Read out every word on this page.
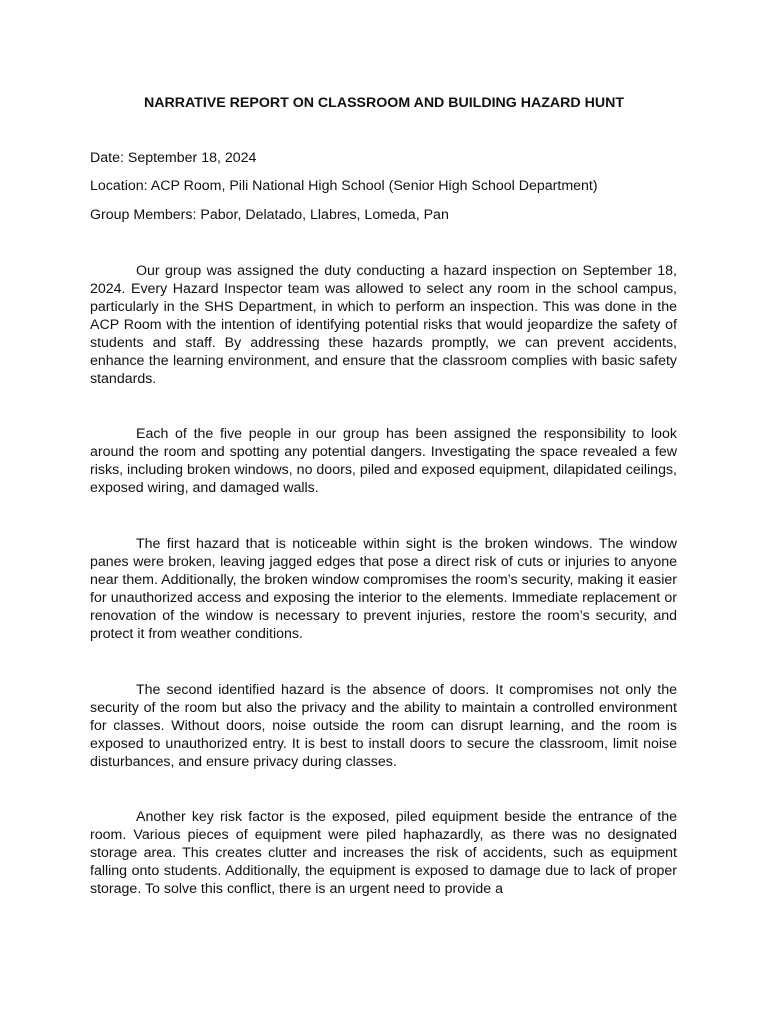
NARRATIVE REPORT ON CLASSROOM AND BUILDING HAZARD HUNT

Date: September 18, 2024

Location: ACP Room, Pili National High School (Senior High School Department)

Group Members: Pabor, Delatado, Llabres, Lomeda, Pan

Our group was assigned the duty conducting a hazard inspection on September 18, 2024. Every Hazard Inspector team was allowed to select any room in the school campus, particularly in the SHS Department, in which to perform an inspection. This was done in the ACP Room with the intention of identifying potential risks that would jeopardize the safety of students and staff. By addressing these hazards promptly, we can prevent accidents, enhance the learning environment, and ensure that the classroom complies with basic safety standards.

Each of the five people in our group has been assigned the responsibility to look around the room and spotting any potential dangers. Investigating the space revealed a few risks, including broken windows, no doors, piled and exposed equipment, dilapidated ceilings, exposed wiring, and damaged walls.

The first hazard that is noticeable within sight is the broken windows. The window panes were broken, leaving jagged edges that pose a direct risk of cuts or injuries to anyone near them. Additionally, the broken window compromises the room’s security, making it easier for unauthorized access and exposing the interior to the elements. Immediate replacement or renovation of the window is necessary to prevent injuries, restore the room’s security, and protect it from weather conditions.

The second identified hazard is the absence of doors. It compromises not only the security of the room but also the privacy and the ability to maintain a controlled environment for classes. Without doors, noise outside the room can disrupt learning, and the room is exposed to unauthorized entry. It is best to install doors to secure the classroom, limit noise disturbances, and ensure privacy during classes.

Another key risk factor is the exposed, piled equipment beside the entrance of the room. Various pieces of equipment were piled haphazardly, as there was no designated storage area. This creates clutter and increases the risk of accidents, such as equipment falling onto students. Additionally, the equipment is exposed to damage due to lack of proper storage. To solve this conflict, there is an urgent need to provide a
